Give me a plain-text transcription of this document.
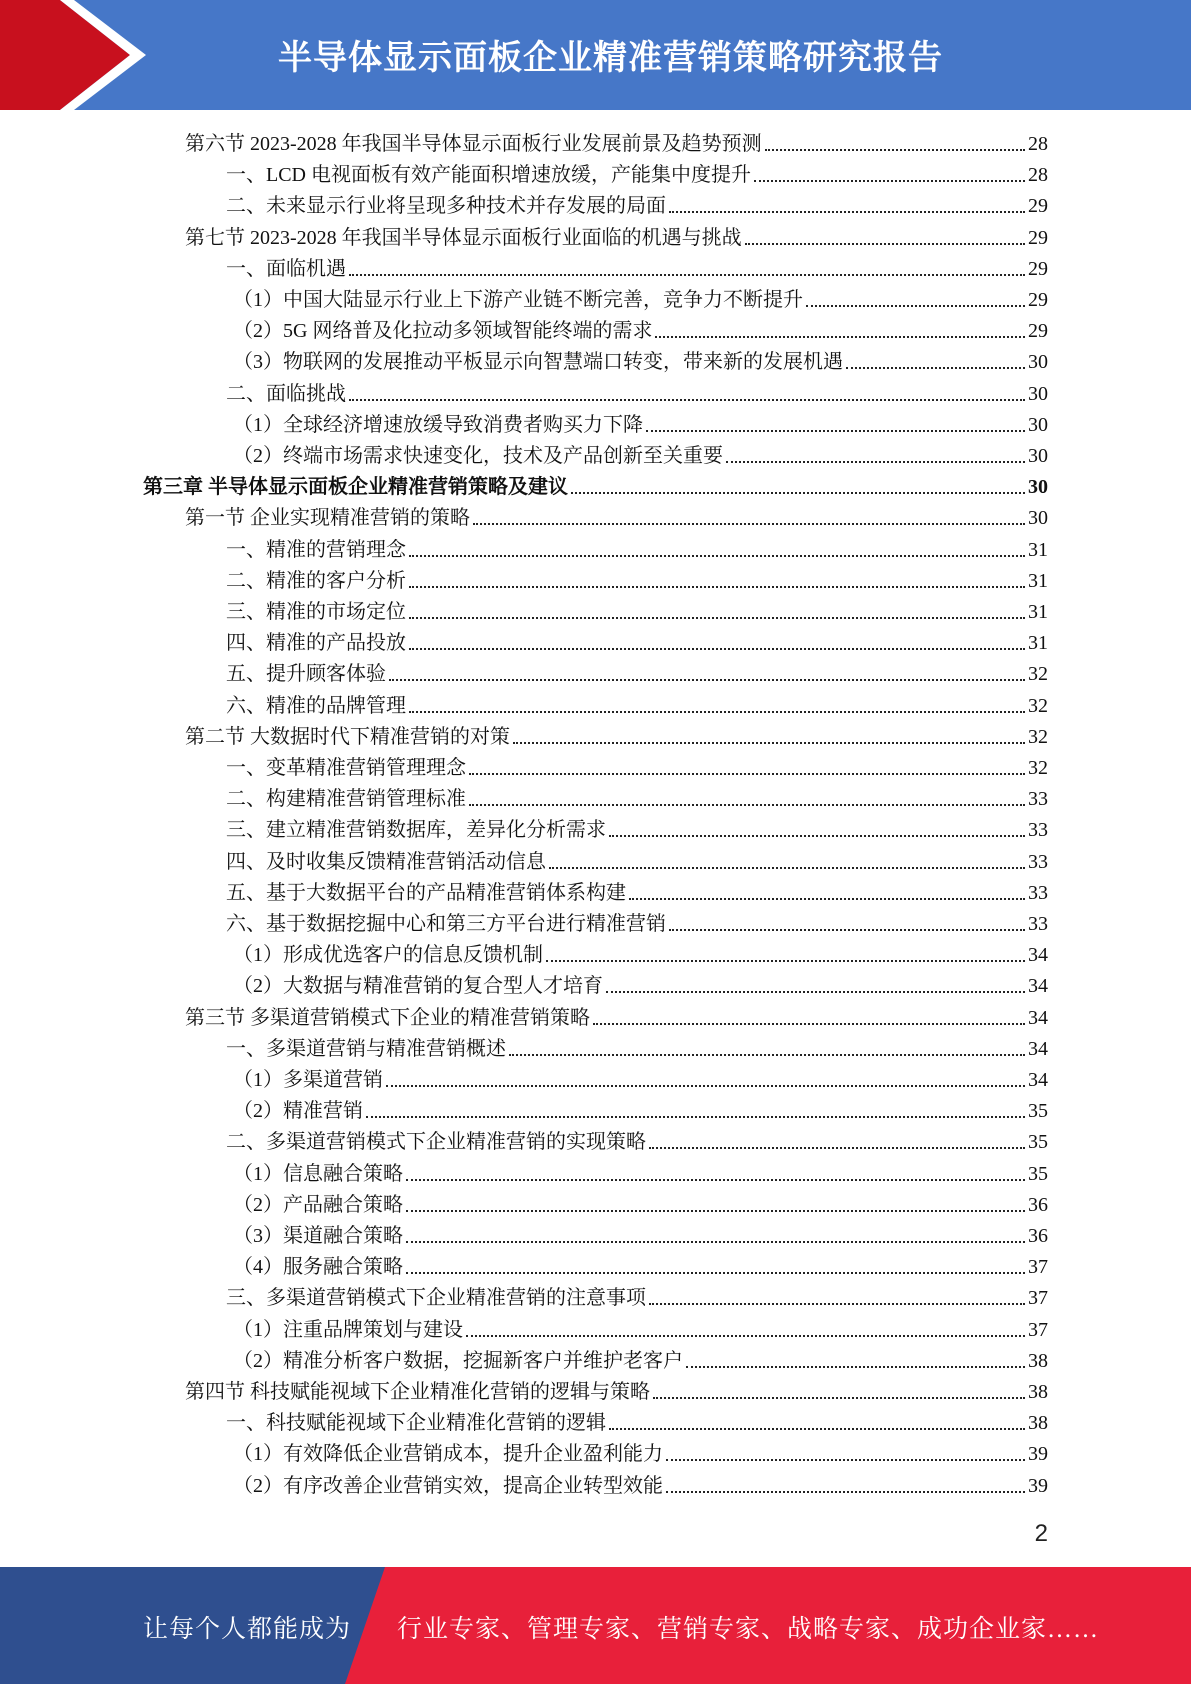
半导体显示面板企业精准营销策略研究报告
第六节 2023-2028 年我国半导体显示面板行业发展前景及趋势预测	28
一、LCD 电视面板有效产能面积增速放缓，产能集中度提升	28
二、未来显示行业将呈现多种技术并存发展的局面	29
第七节 2023-2028 年我国半导体显示面板行业面临的机遇与挑战	29
一、面临机遇	29
（1）中国大陆显示行业上下游产业链不断完善，竞争力不断提升	29
（2）5G 网络普及化拉动多领域智能终端的需求	29
（3）物联网的发展推动平板显示向智慧端口转变，带来新的发展机遇	30
二、面临挑战	30
（1）全球经济增速放缓导致消费者购买力下降	30
（2）终端市场需求快速变化，技术及产品创新至关重要	30
第三章 半导体显示面板企业精准营销策略及建议	30
第一节 企业实现精准营销的策略	30
一、精准的营销理念	31
二、精准的客户分析	31
三、精准的市场定位	31
四、精准的产品投放	31
五、提升顾客体验	32
六、精准的品牌管理	32
第二节 大数据时代下精准营销的对策	32
一、变革精准营销管理理念	32
二、构建精准营销管理标准	33
三、建立精准营销数据库，差异化分析需求	33
四、及时收集反馈精准营销活动信息	33
五、基于大数据平台的产品精准营销体系构建	33
六、基于数据挖掘中心和第三方平台进行精准营销	33
（1）形成优选客户的信息反馈机制	34
（2）大数据与精准营销的复合型人才培育	34
第三节 多渠道营销模式下企业的精准营销策略	34
一、多渠道营销与精准营销概述	34
（1）多渠道营销	34
（2）精准营销	35
二、多渠道营销模式下企业精准营销的实现策略	35
（1）信息融合策略	35
（2）产品融合策略	36
（3）渠道融合策略	36
（4）服务融合策略	37
三、多渠道营销模式下企业精准营销的注意事项	37
（1）注重品牌策划与建设	37
（2）精准分析客户数据，挖掘新客户并维护老客户	38
第四节 科技赋能视域下企业精准化营销的逻辑与策略	38
一、科技赋能视域下企业精准化营销的逻辑	38
（1）有效降低企业营销成本，提升企业盈利能力	39
（2）有序改善企业营销实效，提高企业转型效能	39
2
让每个人都能成为 行业专家、管理专家、营销专家、战略专家、成功企业家……
